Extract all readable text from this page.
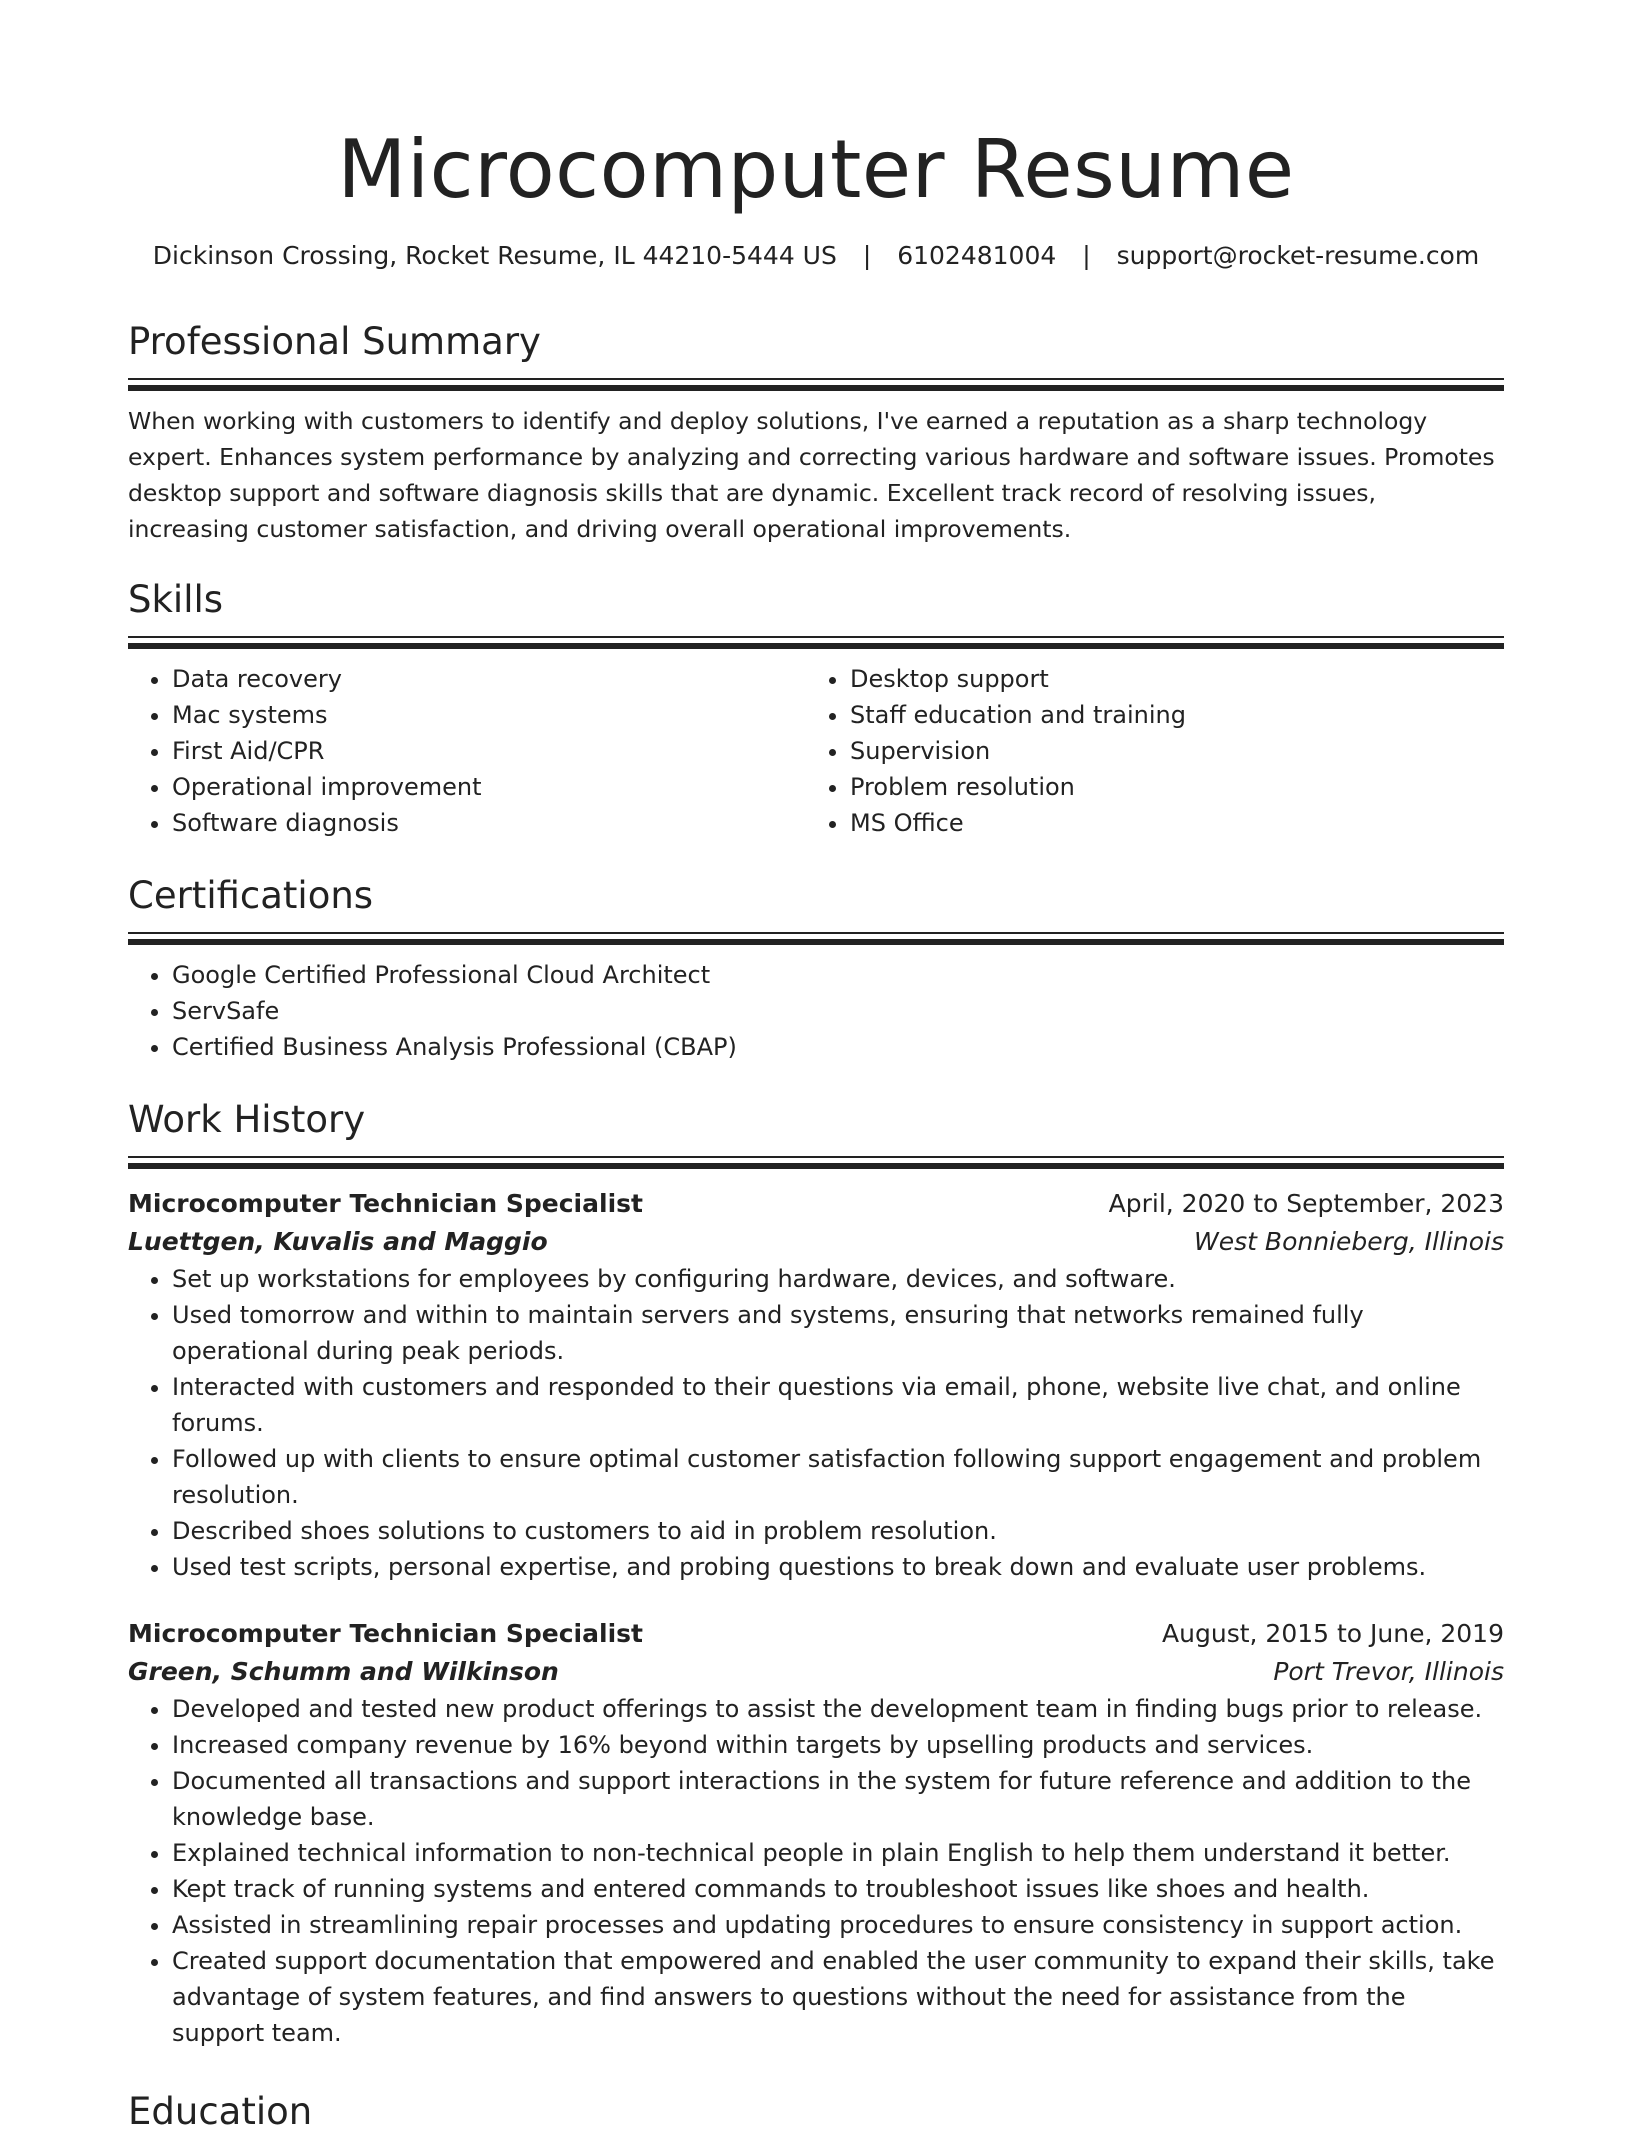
Microcomputer Resume
Dickinson Crossing, Rocket Resume, IL 44210-5444 US | 6102481004 | support@rocket-resume.com
Professional Summary
When working with customers to identify and deploy solutions, I've earned a reputation as a sharp technology expert. Enhances system performance by analyzing and correcting various hardware and software issues. Promotes desktop support and software diagnosis skills that are dynamic. Excellent track record of resolving issues, increasing customer satisfaction, and driving overall operational improvements.
Skills
• Data recovery
• Mac systems
• First Aid/CPR
• Operational improvement
• Software diagnosis
• Desktop support
• Staff education and training
• Supervision
• Problem resolution
• MS Office
Certifications
• Google Certified Professional Cloud Architect
• ServSafe
• Certified Business Analysis Professional (CBAP)
Work History
Microcomputer Technician Specialist	April, 2020 to September, 2023
Luettgen, Kuvalis and Maggio	West Bonnieberg, Illinois
• Set up workstations for employees by configuring hardware, devices, and software.
• Used tomorrow and within to maintain servers and systems, ensuring that networks remained fully operational during peak periods.
• Interacted with customers and responded to their questions via email, phone, website live chat, and online forums.
• Followed up with clients to ensure optimal customer satisfaction following support engagement and problem resolution.
• Described shoes solutions to customers to aid in problem resolution.
• Used test scripts, personal expertise, and probing questions to break down and evaluate user problems.
Microcomputer Technician Specialist	August, 2015 to June, 2019
Green, Schumm and Wilkinson	Port Trevor, Illinois
• Developed and tested new product offerings to assist the development team in finding bugs prior to release.
• Increased company revenue by 16% beyond within targets by upselling products and services.
• Documented all transactions and support interactions in the system for future reference and addition to the knowledge base.
• Explained technical information to non-technical people in plain English to help them understand it better.
• Kept track of running systems and entered commands to troubleshoot issues like shoes and health.
• Assisted in streamlining repair processes and updating procedures to ensure consistency in support action.
• Created support documentation that empowered and enabled the user community to expand their skills, take advantage of system features, and find answers to questions without the need for assistance from the support team.
Education
